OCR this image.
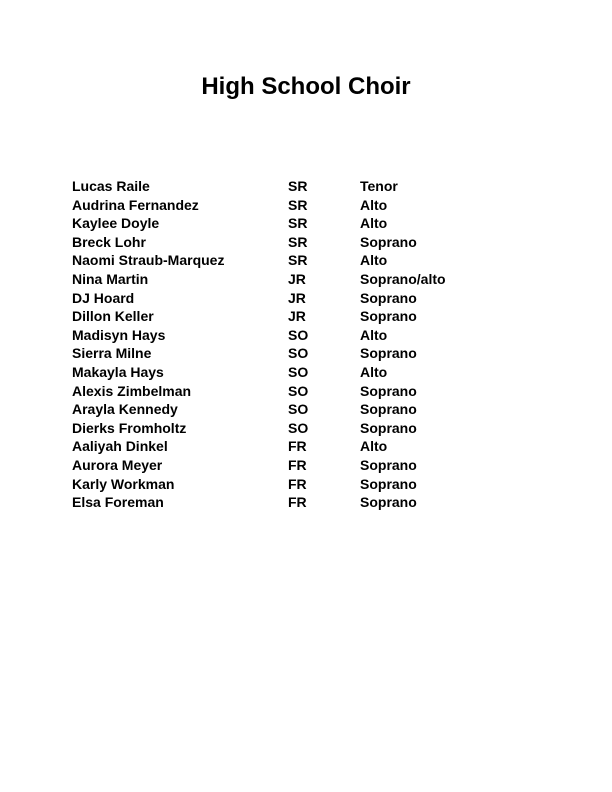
High School Choir
Lucas Raile	SR	Tenor
Audrina Fernandez	SR	Alto
Kaylee Doyle	SR	Alto
Breck Lohr	SR	Soprano
Naomi Straub-Marquez	SR	Alto
Nina Martin	JR	Soprano/alto
DJ Hoard	JR	Soprano
Dillon Keller	JR	Soprano
Madisyn Hays	SO	Alto
Sierra Milne	SO	Soprano
Makayla Hays	SO	Alto
Alexis Zimbelman	SO	Soprano
Arayla Kennedy	SO	Soprano
Dierks Fromholtz	SO	Soprano
Aaliyah Dinkel	FR	Alto
Aurora Meyer	FR	Soprano
Karly Workman	FR	Soprano
Elsa Foreman	FR	Soprano
